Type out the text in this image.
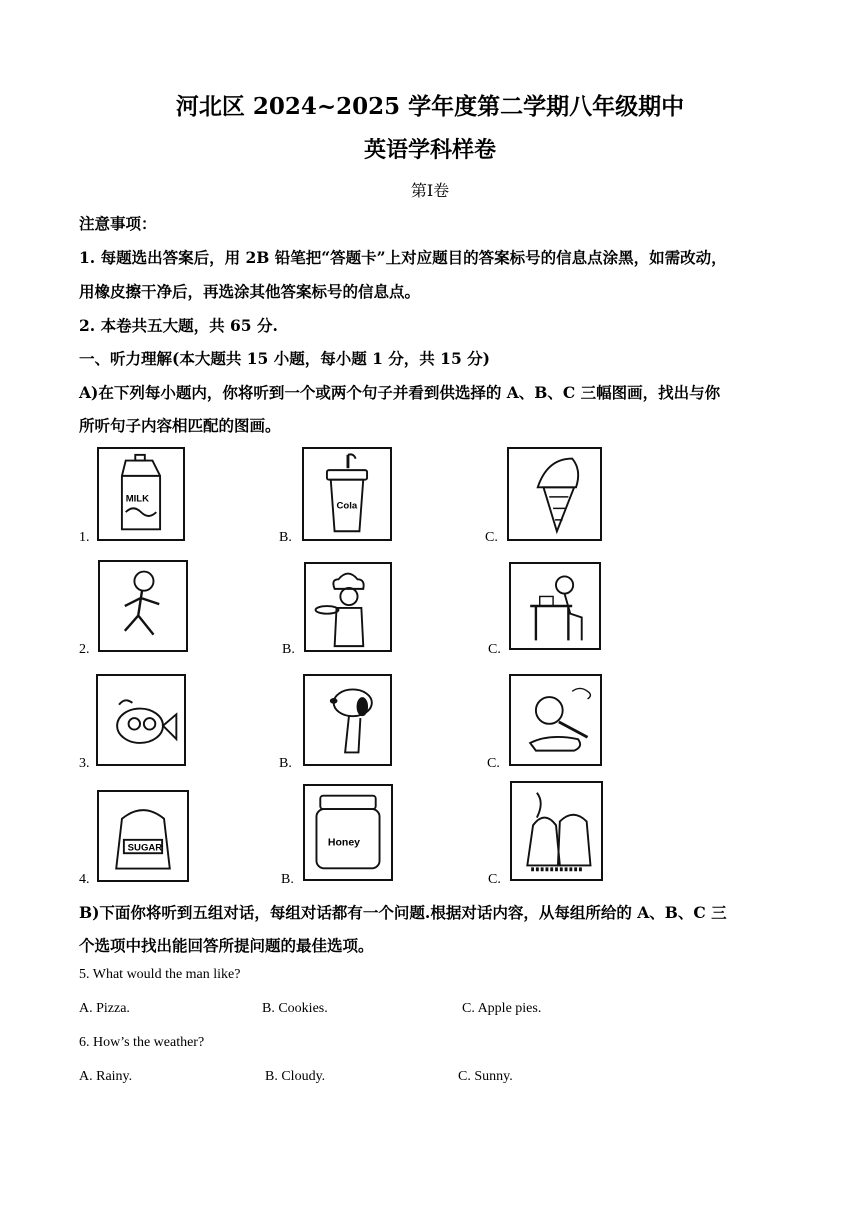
河北区 2024~2025 学年度第二学期八年级期中
英语学科样卷
第Ⅰ卷
注意事项：
1. 每题选出答案后，用 2B 铅笔把“答题卡”上对应题目的答案标号的信息点涂黑，如需改动，
用橡皮擦干净后，再选涂其他答案标号的信息点。
2. 本卷共五大题，共 65 分.
一、听力理解(本大题共 15 小题，每小题 1 分，共 15 分)
A)在下列每小题内，你将听到一个或两个句子并看到供选择的 A、B、C 三幅图画，找出与你
所听句子内容相匹配的图画。
1.
MILK
B.
Cola
C.
2.	B.	C.
3.	B.	C.
4.
SUGAR
B.
Honey
C.
B)下面你将听到五组对话，每组对话都有一个问题.根据对话内容，从每组所给的 A、B、C 三
个选项中找出能回答所提问题的最佳选项。
5. What would the man like?
A. Pizza.	B. Cookies.	C. Apple pies.
6. How’s the weather?
A. Rainy.	B. Cloudy.	C. Sunny.
